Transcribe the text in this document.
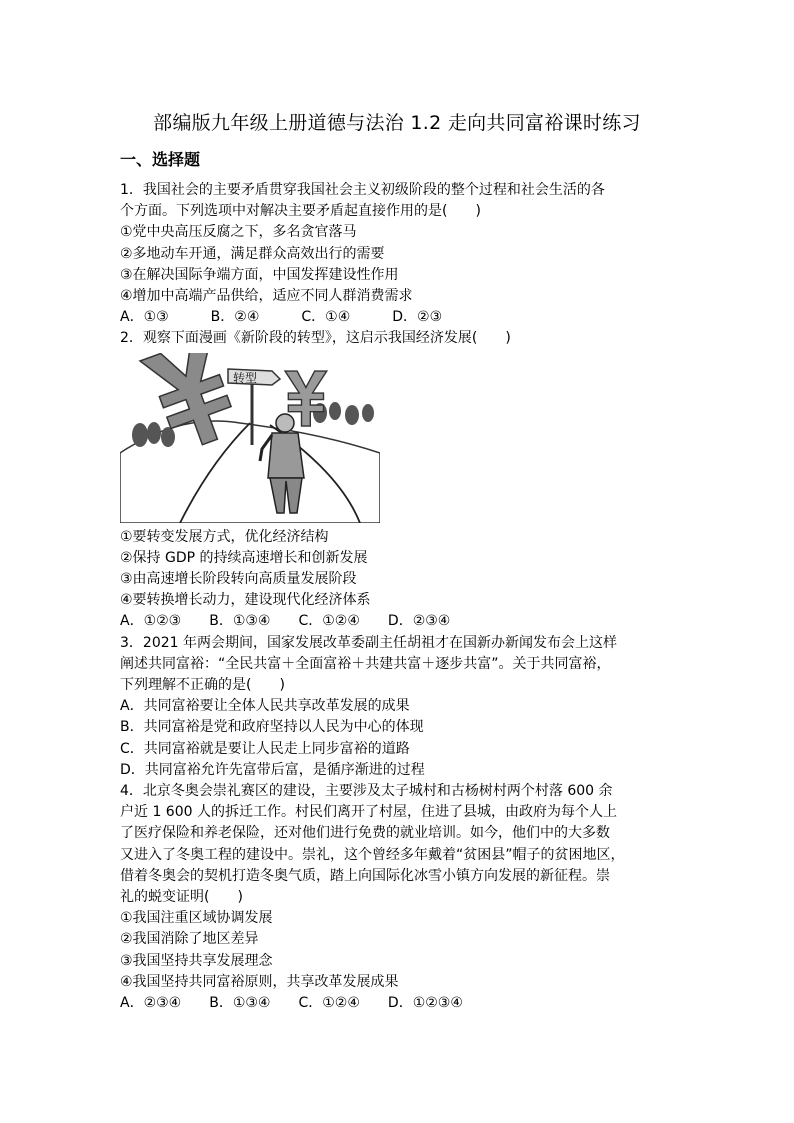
部编版九年级上册道德与法治 1.2 走向共同富裕课时练习
一、选择题
1．我国社会的主要矛盾贯穿我国社会主义初级阶段的整个过程和社会生活的各
个方面。下列选项中对解决主要矛盾起直接作用的是(　　)
①党中央高压反腐之下，多名贪官落马
②多地动车开通，满足群众高效出行的需要
③在解决国际争端方面，中国发挥建设性作用
④增加中高端产品供给，适应不同人群消费需求
A．①③　　　B．②④　　　C．①④　　　D．②③
2．观察下面漫画《新阶段的转型》，这启示我国经济发展(　　)
转型
①要转变发展方式，优化经济结构
②保持 GDP 的持续高速增长和创新发展
③由高速增长阶段转向高质量发展阶段
④要转换增长动力，建设现代化经济体系
A．①②③　　B．①③④　　C．①②④　　D．②③④
3．2021 年两会期间，国家发展改革委副主任胡祖才在国新办新闻发布会上这样
阐述共同富裕：“全民共富＋全面富裕＋共建共富＋逐步共富”。关于共同富裕，
下列理解不正确的是(　　)
A．共同富裕要让全体人民共享改革发展的成果
B．共同富裕是党和政府坚持以人民为中心的体现
C．共同富裕就是要让人民走上同步富裕的道路
D．共同富裕允许先富带后富，是循序渐进的过程
4．北京冬奥会崇礼赛区的建设，主要涉及太子城村和古杨树村两个村落 600 余
户近 1 600 人的拆迁工作。村民们离开了村屋，住进了县城，由政府为每个人上
了医疗保险和养老保险，还对他们进行免费的就业培训。如今，他们中的大多数
又进入了冬奥工程的建设中。崇礼，这个曾经多年戴着“贫困县”帽子的贫困地区，
借着冬奥会的契机打造冬奥气质，踏上向国际化冰雪小镇方向发展的新征程。崇
礼的蜕变证明(　　)
①我国注重区域协调发展
②我国消除了地区差异
③我国坚持共享发展理念
④我国坚持共同富裕原则，共享改革发展成果
A．②③④　　B．①③④　　C．①②④　　D．①②③④
